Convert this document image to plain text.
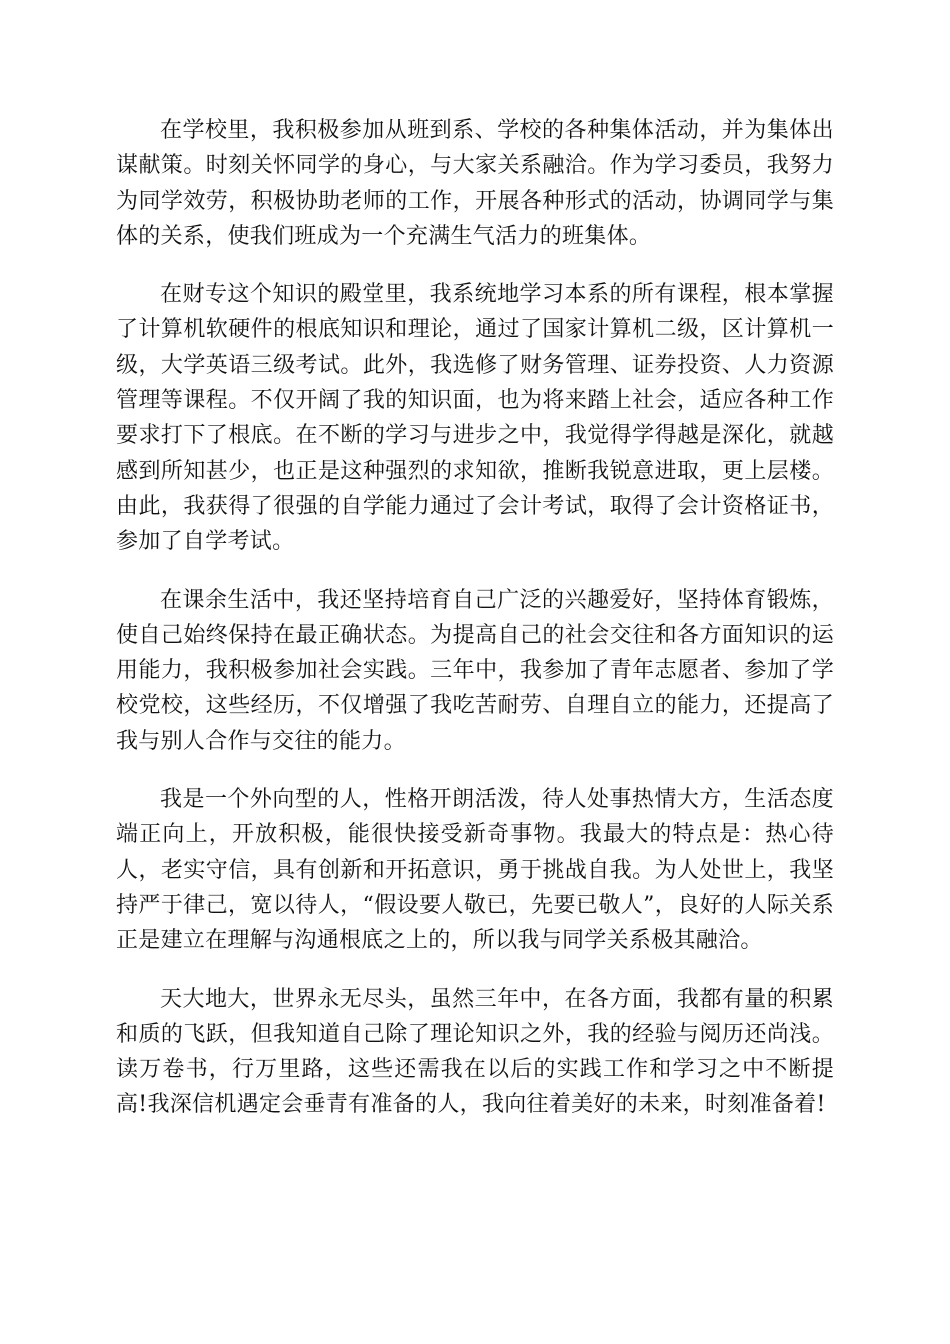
在学校里，我积极参加从班到系、学校的各种集体活动，并为集体出谋献策。时刻关怀同学的身心，与大家关系融洽。作为学习委员，我努力为同学效劳，积极协助老师的工作，开展各种形式的活动，协调同学与集体的关系，使我们班成为一个充满生气活力的班集体。

在财专这个知识的殿堂里，我系统地学习本系的所有课程，根本掌握了计算机软硬件的根底知识和理论，通过了国家计算机二级，区计算机一级，大学英语三级考试。此外，我选修了财务管理、证券投资、人力资源管理等课程。不仅开阔了我的知识面，也为将来踏上社会，适应各种工作要求打下了根底。在不断的学习与进步之中，我觉得学得越是深化，就越感到所知甚少，也正是这种强烈的求知欲，推断我锐意进取，更上层楼。由此，我获得了很强的自学能力通过了会计考试，取得了会计资格证书，参加了自学考试。

在课余生活中，我还坚持培育自己广泛的兴趣爱好，坚持体育锻炼，使自己始终保持在最正确状态。为提高自己的社会交往和各方面知识的运用能力，我积极参加社会实践。三年中，我参加了青年志愿者、参加了学校党校，这些经历，不仅增强了我吃苦耐劳、自理自立的能力，还提高了我与别人合作与交往的能力。

我是一个外向型的人，性格开朗活泼，待人处事热情大方，生活态度端正向上，开放积极，能很快接受新奇事物。我最大的特点是：热心待人，老实守信，具有创新和开拓意识，勇于挑战自我。为人处世上，我坚持严于律己，宽以待人，“假设要人敬已，先要已敬人”，良好的人际关系正是建立在理解与沟通根底之上的，所以我与同学关系极其融洽。

天大地大，世界永无尽头，虽然三年中，在各方面，我都有量的积累和质的飞跃，但我知道自己除了理论知识之外，我的经验与阅历还尚浅。读万卷书，行万里路，这些还需我在以后的实践工作和学习之中不断提高!我深信机遇定会垂青有准备的人，我向往着美好的未来，时刻准备着!
